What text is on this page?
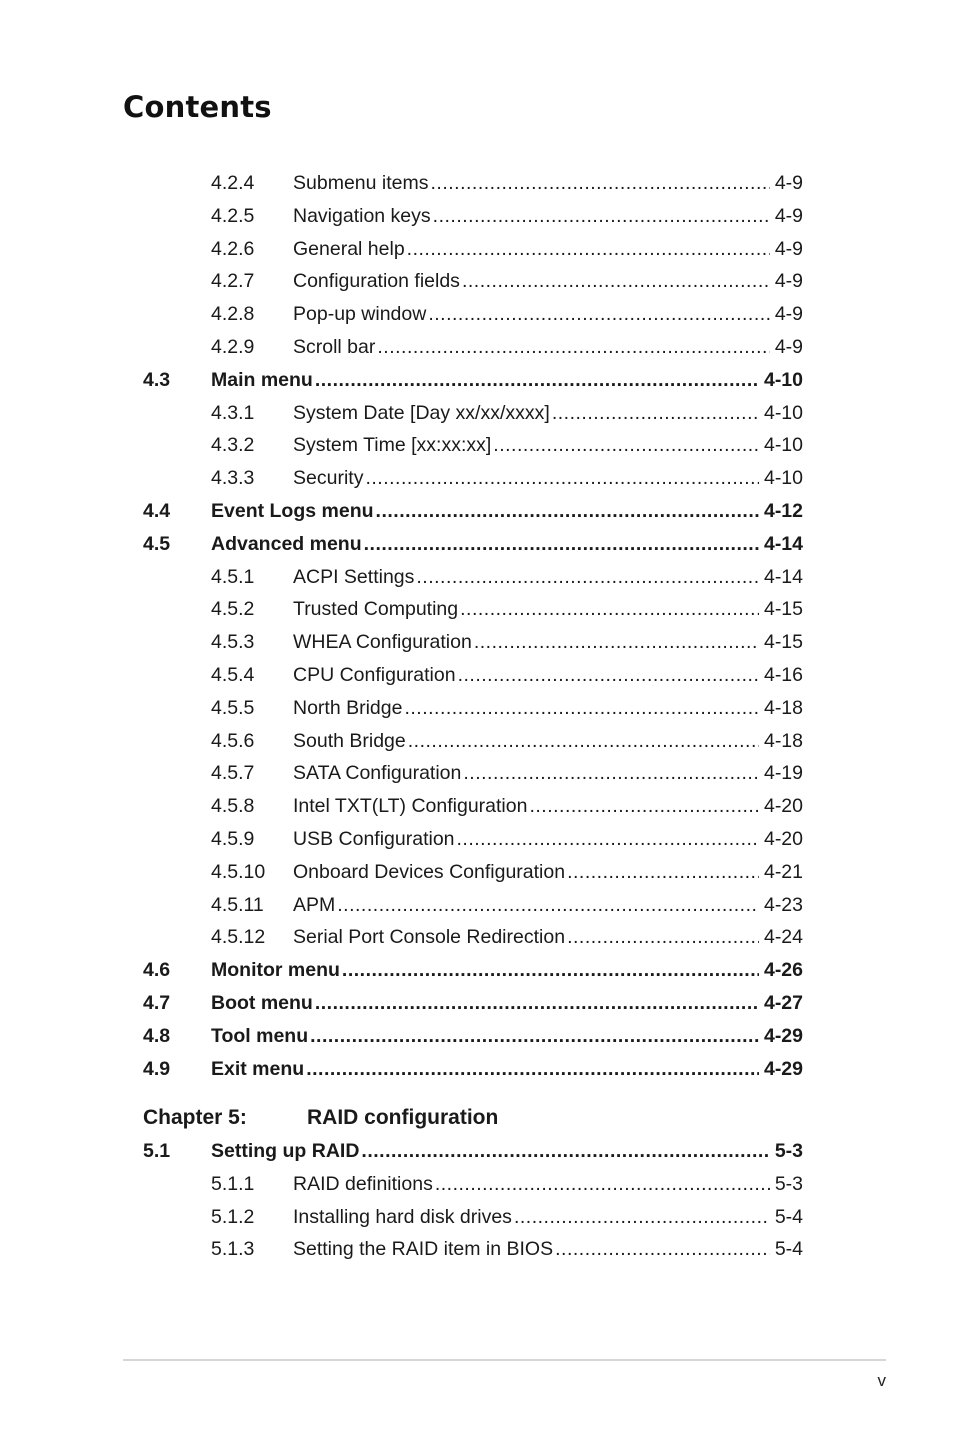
Contents
4.2.4 Submenu items .....	4-9
4.2.5 Navigation keys .....	4-9
4.2.6 General help .....	4-9
4.2.7 Configuration fields .....	4-9
4.2.8 Pop-up window .....	4-9
4.2.9 Scroll bar .....	4-9
4.3 Main menu .....	4-10
4.3.1 System Date [Day xx/xx/xxxx] .....	4-10
4.3.2 System Time [xx:xx:xx] .....	4-10
4.3.3 Security .....	4-10
4.4 Event Logs menu .....	4-12
4.5 Advanced menu .....	4-14
4.5.1 ACPI Settings .....	4-14
4.5.2 Trusted Computing .....	4-15
4.5.3 WHEA Configuration .....	4-15
4.5.4 CPU Configuration .....	4-16
4.5.5 North Bridge .....	4-18
4.5.6 South Bridge .....	4-18
4.5.7 SATA Configuration .....	4-19
4.5.8 Intel TXT(LT) Configuration .....	4-20
4.5.9 USB Configuration .....	4-20
4.5.10 Onboard Devices Configuration .....	4-21
4.5.11 APM .....	4-23
4.5.12 Serial Port Console Redirection .....	4-24
4.6 Monitor menu .....	4-26
4.7 Boot menu .....	4-27
4.8 Tool menu .....	4-29
4.9 Exit menu .....	4-29
5.1 Setting up RAID .....	5-3
5.1.1 RAID definitions .....	5-3
5.1.2 Installing hard disk drives .....	5-4
5.1.3 Setting the RAID item in BIOS .....	5-4
Chapter 5:	RAID configuration
v
